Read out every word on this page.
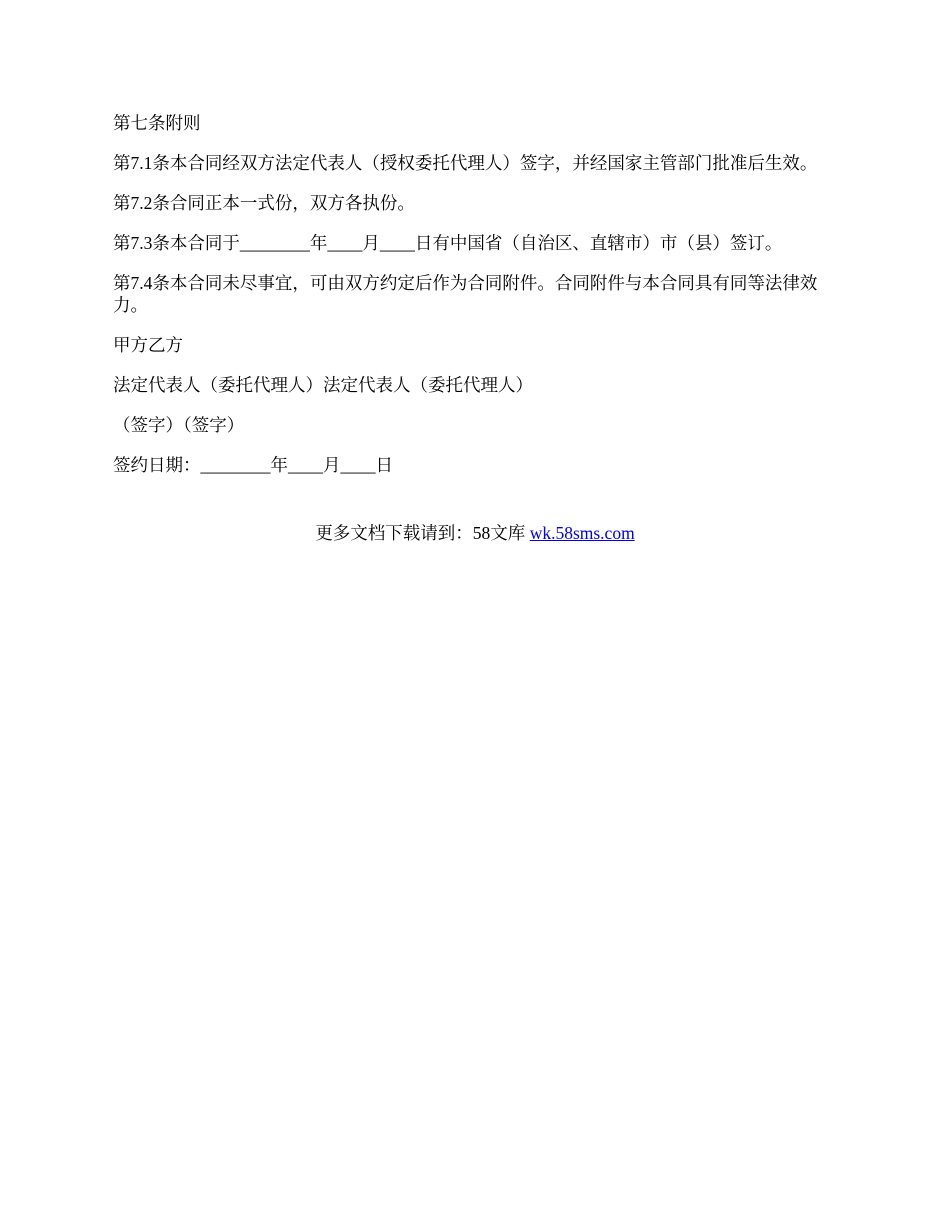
第七条附则

第7.1条本合同经双方法定代表人（授权委托代理人）签字，并经国家主管部门批准后生效。

第7.2条合同正本一式份，双方各执份。

第7.3条本合同于________年____月____日有中国省（自治区、直辖市）市（县）签订。

第7.4条本合同未尽事宜，可由双方约定后作为合同附件。合同附件与本合同具有同等法律效力。

甲方乙方

法定代表人（委托代理人）法定代表人（委托代理人）

（签字）（签字）

签约日期：________年____月____日

更多文档下载请到：58文库 wk.58sms.com
